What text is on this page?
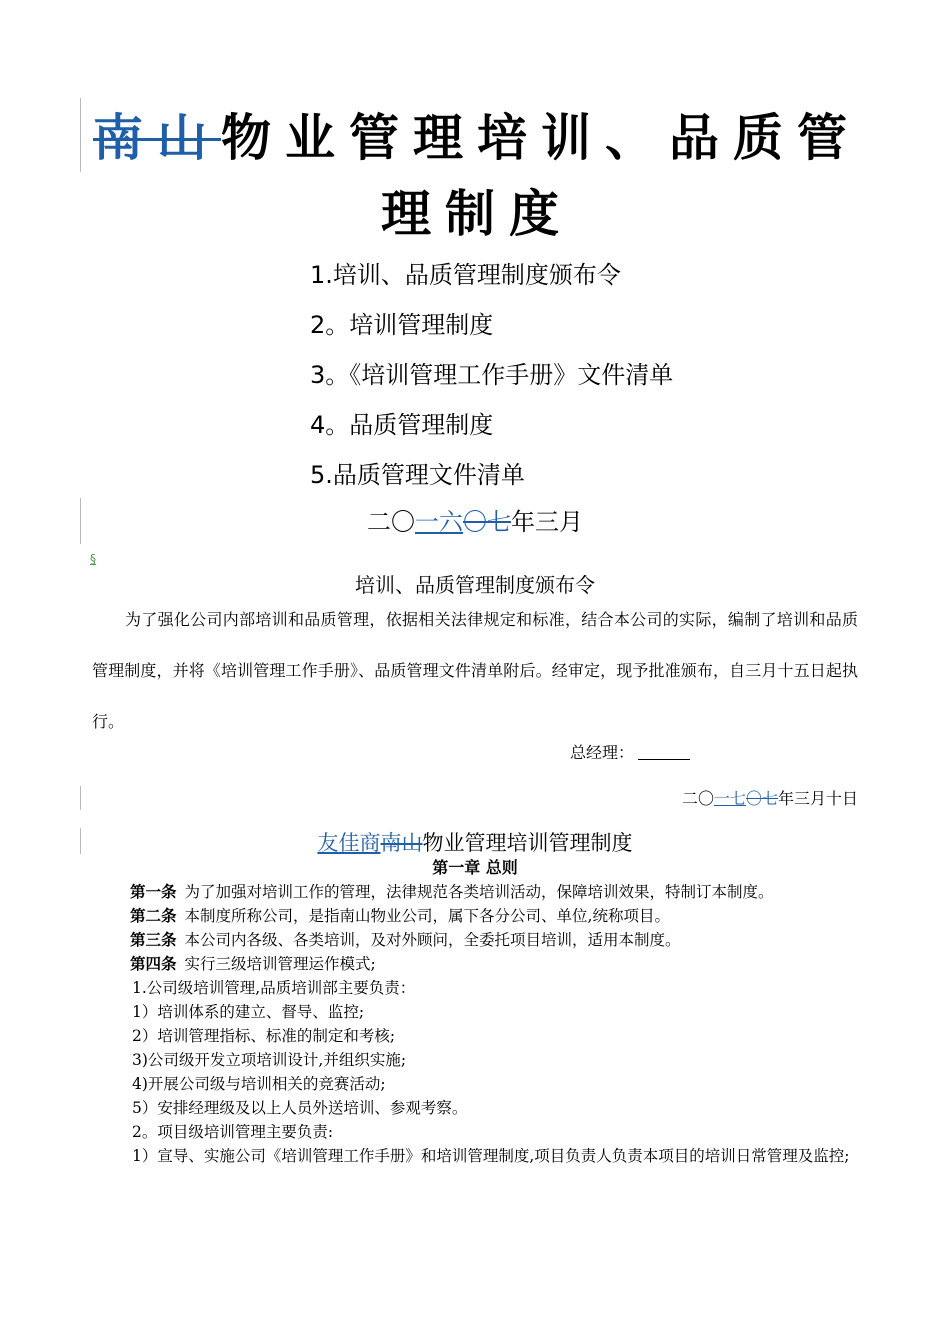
南山物业管理培训、品质管理制度
1.培训、品质管理制度颁布令
2。培训管理制度
3。《培训管理工作手册》文件清单
4。品质管理制度
5.品质管理文件清单
二〇一六〇七年三月
§
培训、品质管理制度颁布令

为了强化公司内部培训和品质管理，依据相关法律规定和标准，结合本公司的实际，编制了培训和品质管理制度，并将《培训管理工作手册》、品质管理文件清单附后。经审定，现予批准颁布，自三月十五日起执行。

总经理：
二〇一七〇七年三月十日
友佳商南山物业管理培训管理制度
第一章 总则

第一条 为了加强对培训工作的管理，法律规范各类培训活动，保障培训效果，特制订本制度。

第二条 本制度所称公司，是指南山物业公司，属下各分公司、单位,统称项目。

第三条 本公司内各级、各类培训，及对外顾问，全委托项目培训，适用本制度。

第四条 实行三级培训管理运作模式;

1.公司级培训管理,品质培训部主要负责：

1）培训体系的建立、督导、监控;

2）培训管理指标、标准的制定和考核;

3)公司级开发立项培训设计,并组织实施;

4)开展公司级与培训相关的竞赛活动;

5）安排经理级及以上人员外送培训、参观考察。

2。项目级培训管理主要负责:

1）宣导、实施公司《培训管理工作手册》和培训管理制度,项目负责人负责本项目的培训日常管理及监控;
